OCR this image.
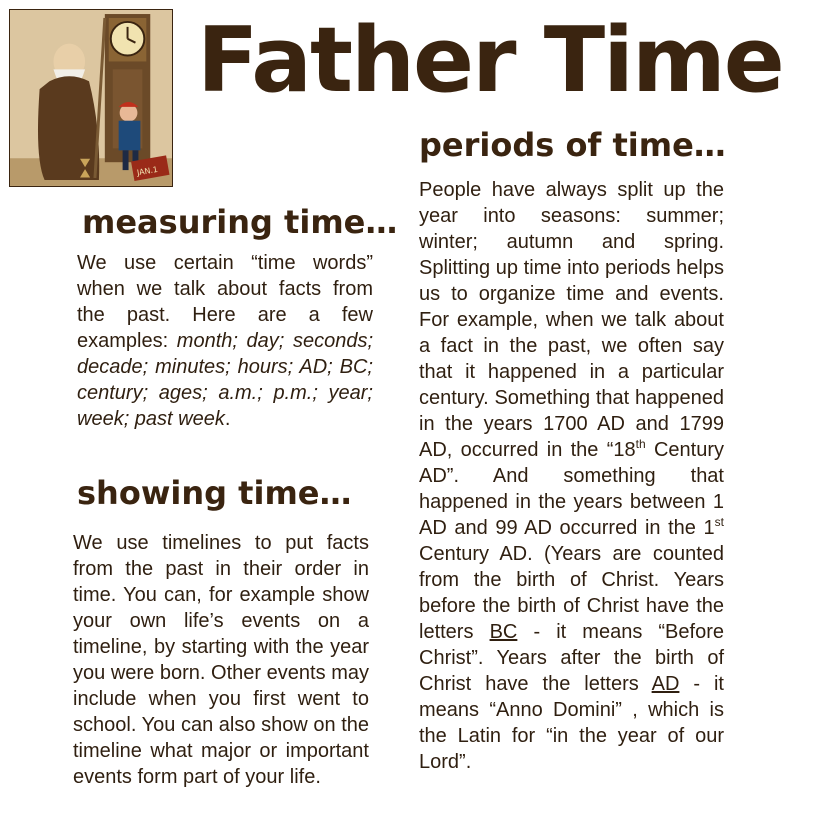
JAN.1
Father Time
periods of time…

People have always split up the year into seasons: summer; winter; autumn and spring. Splitting up time into periods helps us to organize time and events. For example, when we talk about a fact in the past, we often say that it happened in a particular century. Something that happened in the years 1700 AD and 1799 AD, occurred in the “18th Century AD”. And something that happened in the years between 1 AD and 99 AD occurred in the 1st Century AD. (Years are counted from the birth of Christ. Years before the birth of Christ have the letters BC - it means “Before Christ”. Years after the birth of Christ have the letters AD - it means “Anno Domini” , which is the Latin for “in the year of our Lord”.

measuring time…

We use certain “time words” when we talk about facts from the past. Here are a few examples: month; day; seconds; decade; minutes; hours; AD; BC; century; ages; a.m.; p.m.; year; week; past week.

showing time…

We use timelines to put facts from the past in their order in time. You can, for example show your own life’s events on a timeline, by starting with the year you were born. Other events may include when you first went to school. You can also show on the timeline what major or important events form part of your life.
